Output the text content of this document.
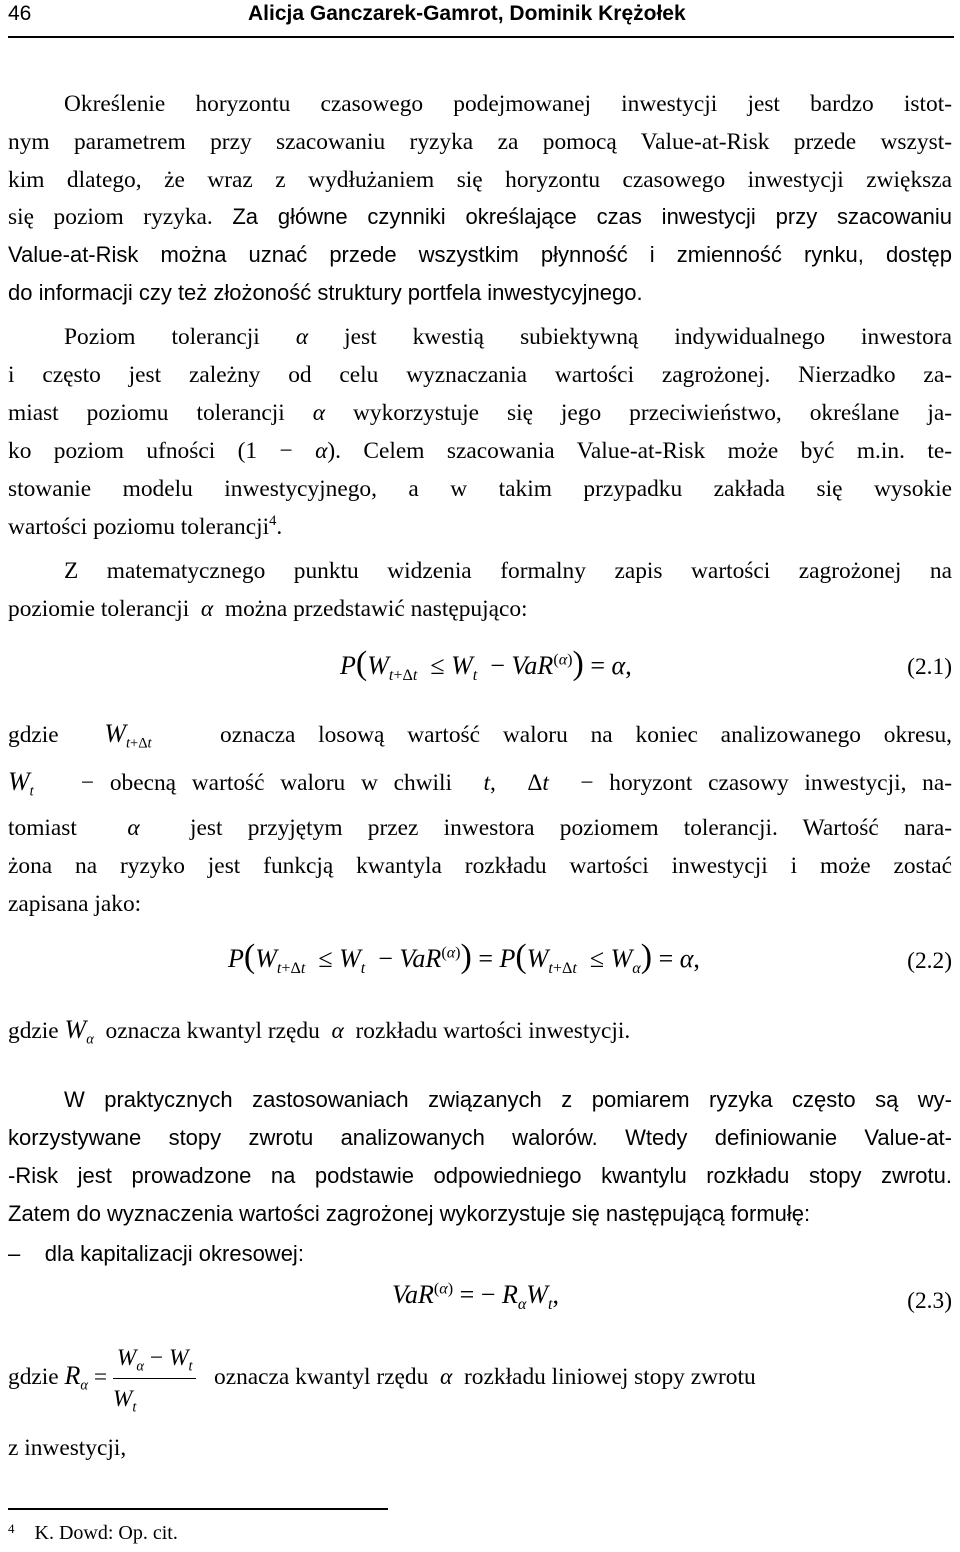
46	Alicja Ganczarek-Gamrot, Dominik Krężołek
Określenie horyzontu czasowego podejmowanej inwestycji jest bardzo istot-
nym parametrem przy szacowaniu ryzyka za pomocą Value-at-Risk przede wszyst-
kim dlatego, że wraz z wydłużaniem się horyzontu czasowego inwestycji zwiększa
się poziom ryzyka. Za główne czynniki określające czas inwestycji przy szacowaniu
Value-at-Risk można uznać przede wszystkim płynność i zmienność rynku, dostęp
do informacji czy też złożoność struktury portfela inwestycyjnego.
Poziom tolerancji α jest kwestią subiektywną indywidualnego inwestora
i często jest zależny od celu wyznaczania wartości zagrożonej. Nierzadko za-
miast poziomu tolerancji α wykorzystuje się jego przeciwieństwo, określane ja-
ko poziom ufności (1 − α). Celem szacowania Value-at-Risk może być m.in. te-
stowanie modelu inwestycyjnego, a w takim przypadku zakłada się wysokie
wartości poziomu tolerancji$^4$.
Z matematycznego punktu widzenia formalny zapis wartości zagrożonej na
poziomie tolerancji α można przedstawić następująco:
$P(W_{t+\Delta t} \le W_t - VaR^{(\alpha)}) = \alpha$,	(2.1)
gdzie $W_{t+\Delta t}$	oznacza losową wartość waloru na koniec analizowanego okresu,
$W_t$ − obecną wartość waloru w chwili t,  Δt − horyzont czasowy inwestycji, na-
tomiast α jest przyjętym przez inwestora poziomem tolerancji. Wartość nara-
żona na ryzyko jest funkcją kwantyla rozkładu wartości inwestycji i może zostać
zapisana jako:
$P(W_{t+\Delta t} \le W_t - VaR^{(\alpha)}) = P(W_{t+\Delta t} \le W_\alpha) = \alpha$,	(2.2)
gdzie $W_\alpha$ oznacza kwantyl rzędu α rozkładu wartości inwestycji.
W praktycznych zastosowaniach związanych z pomiarem ryzyka często są wy-
korzystywane stopy zwrotu analizowanych walorów. Wtedy definiowanie Value-at-
-Risk jest prowadzone na podstawie odpowiedniego kwantylu rozkładu stopy zwrotu.
Zatem do wyznaczenia wartości zagrożonej wykorzystuje się następującą formułę:
– dla kapitalizacji okresowej:
VaR$^{(\alpha)}$ = − $R_\alpha W_t$,	(2.3)
gdzie $R_\alpha = \frac{W_\alpha - W_t}{W_t}$ oznacza kwantyl rzędu α rozkładu liniowej stopy zwrotu
z inwestycji,
$^4$ K. Dowd: Op. cit.
